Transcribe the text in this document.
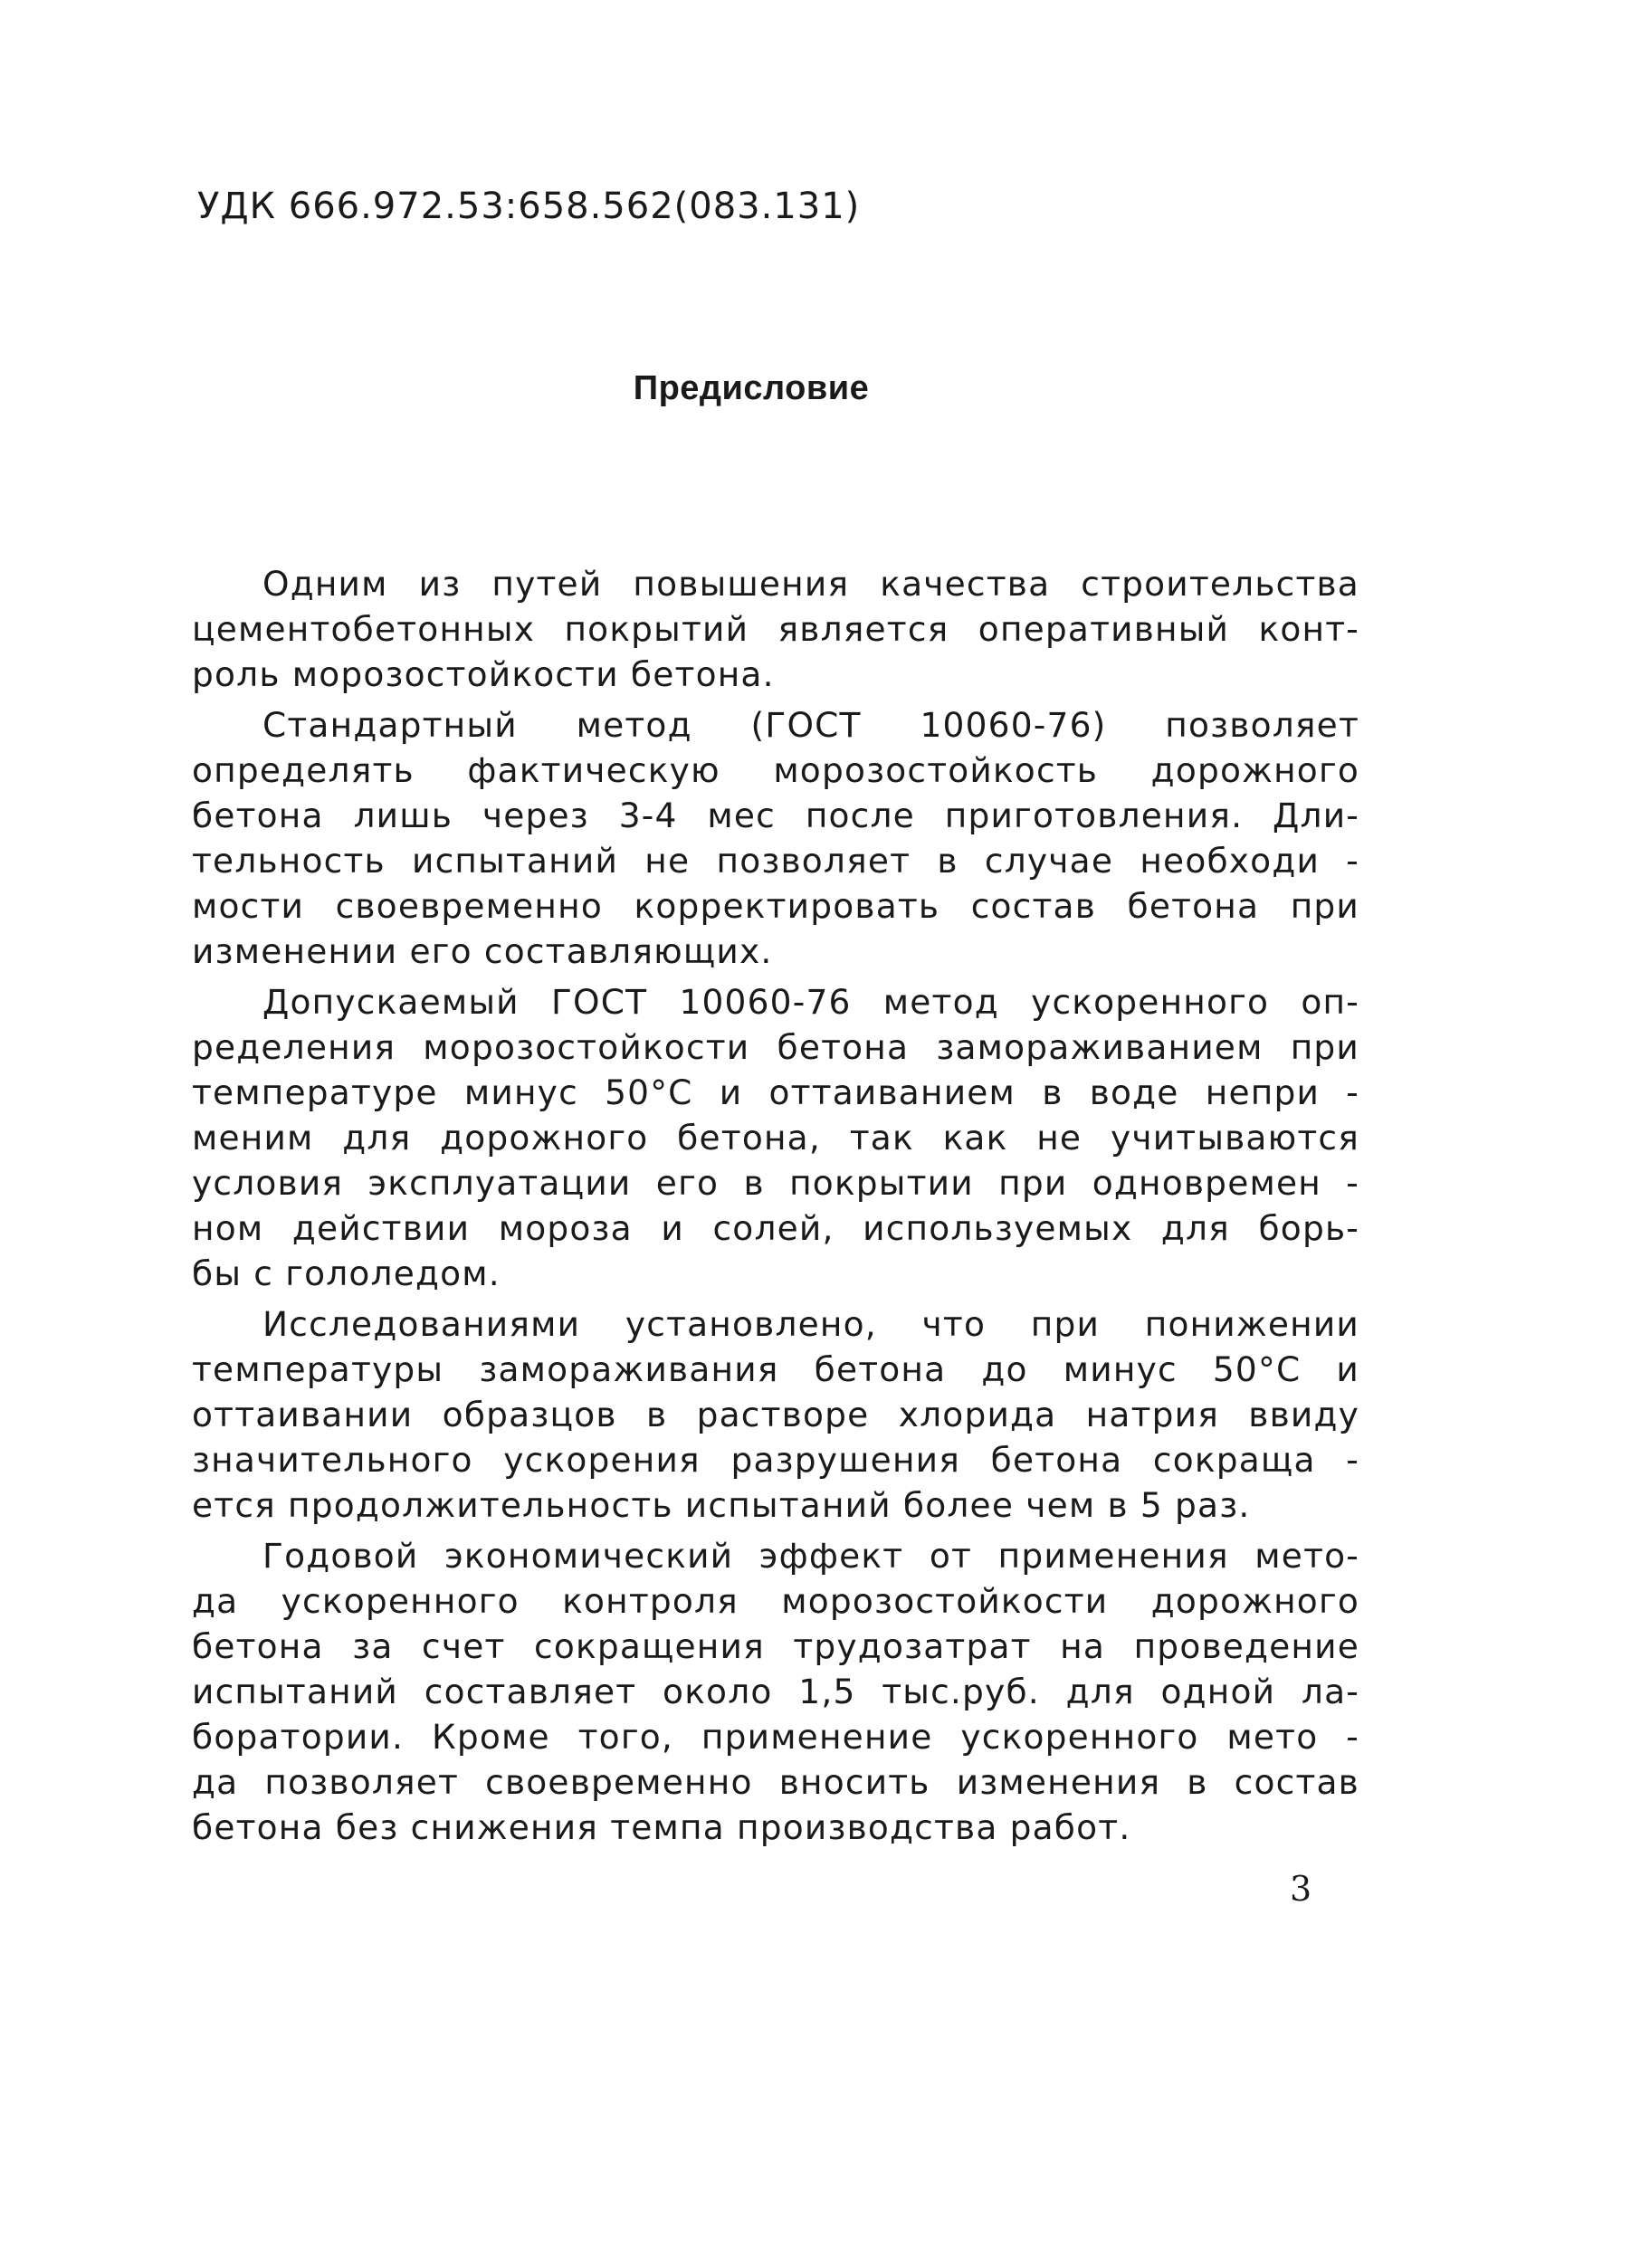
УДК 666.972.53:658.562(083.131)
Предисловие
Одним из путей повышения качества строительства
цементобетонных покрытий является оперативный конт-
роль морозостойкости бетона.
Стандартный метод (ГОСТ 10060-76) позволяет
определять фактическую морозостойкость дорожного
бетона лишь через 3-4 мес после приготовления. Дли-
тельность испытаний не позволяет в случае необходи -
мости своевременно корректировать состав бетона при
изменении его составляющих.
Допускаемый ГОСТ 10060-76 метод ускоренного оп-
ределения морозостойкости бетона замораживанием при
температуре минус 50°С и оттаиванием в воде непри -
меним для дорожного бетона, так как не учитываются
условия эксплуатации его в покрытии при одновремен -
ном действии мороза и солей, используемых для борь-
бы с гололедом.
Исследованиями установлено, что при понижении
температуры замораживания бетона до минус 50°С и
оттаивании образцов в растворе хлорида натрия ввиду
значительного ускорения разрушения бетона сокраща -
ется продолжительность испытаний более чем в 5 раз.
Годовой экономический эффект от применения мето-
да ускоренного контроля морозостойкости дорожного
бетона за счет сокращения трудозатрат на проведение
испытаний составляет около 1,5 тыс.руб. для одной ла-
боратории. Кроме того, применение ускоренного мето -
да позволяет своевременно вносить изменения в состав
бетона без снижения темпа производства работ.
3
